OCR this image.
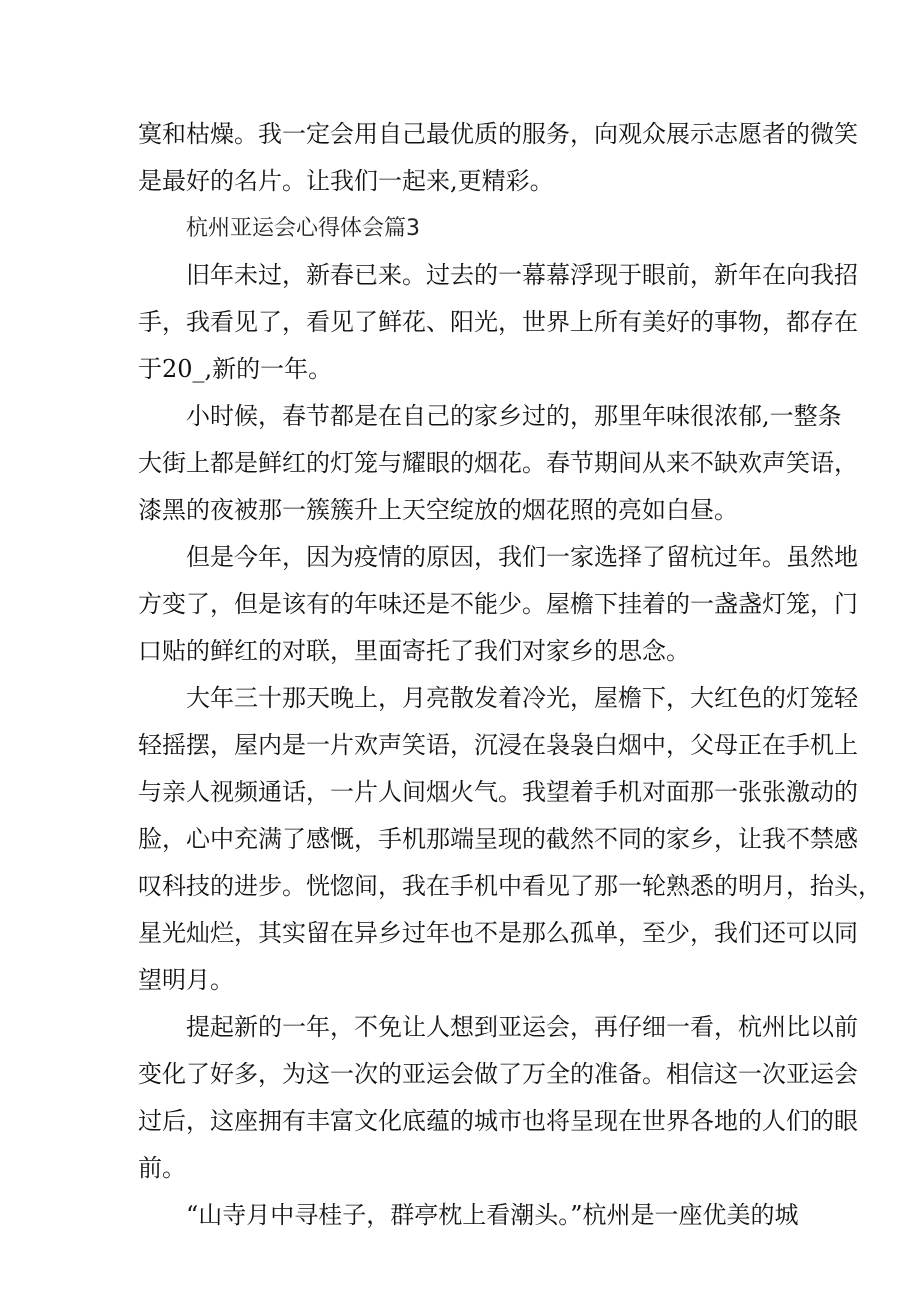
寞和枯燥。我一定会用自己最优质的服务，向观众展示志愿者的微笑
是最好的名片。让我们一起来,更精彩。
杭州亚运会心得体会篇3
旧年未过，新春已来。过去的一幕幕浮现于眼前，新年在向我招
手，我看见了，看见了鲜花、阳光，世界上所有美好的事物，都存在
于20_,新的一年。
小时候，春节都是在自己的家乡过的，那里年味很浓郁,一整条
大街上都是鲜红的灯笼与耀眼的烟花。春节期间从来不缺欢声笑语，
漆黑的夜被那一簇簇升上天空绽放的烟花照的亮如白昼。
但是今年，因为疫情的原因，我们一家选择了留杭过年。虽然地
方变了，但是该有的年味还是不能少。屋檐下挂着的一盏盏灯笼，门
口贴的鲜红的对联，里面寄托了我们对家乡的思念。
大年三十那天晚上，月亮散发着冷光，屋檐下，大红色的灯笼轻
轻摇摆，屋内是一片欢声笑语，沉浸在袅袅白烟中，父母正在手机上
与亲人视频通话，一片人间烟火气。我望着手机对面那一张张激动的
脸，心中充满了感慨，手机那端呈现的截然不同的家乡，让我不禁感
叹科技的进步。恍惚间，我在手机中看见了那一轮熟悉的明月，抬头，
星光灿烂，其实留在异乡过年也不是那么孤单，至少，我们还可以同
望明月。
提起新的一年，不免让人想到亚运会，再仔细一看，杭州比以前
变化了好多，为这一次的亚运会做了万全的准备。相信这一次亚运会
过后，这座拥有丰富文化底蕴的城市也将呈现在世界各地的人们的眼
前。
“山寺月中寻桂子，群亭枕上看潮头。”杭州是一座优美的城
